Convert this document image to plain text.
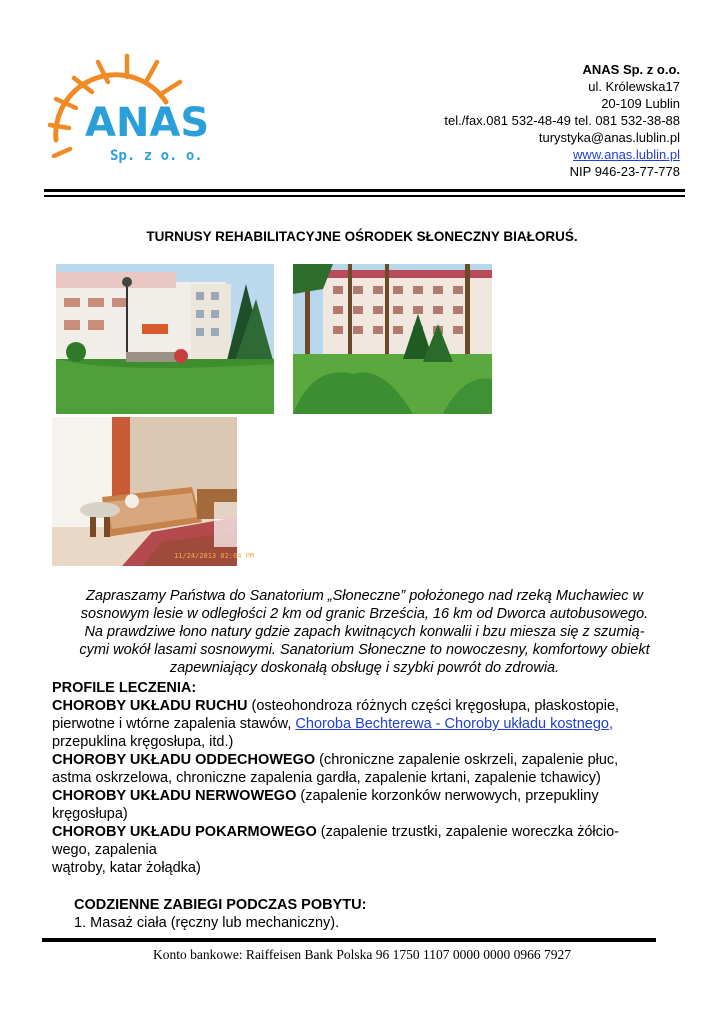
ANAS
Sp. z o. o.
ANAS Sp. z o.o.
ul. Królewska17
20-109 Lublin
tel./fax.081 532-48-49 tel. 081 532-38-88
turystyka@anas.lublin.pl
www.anas.lublin.pl
NIP 946-23-77-778
TURNUSY REHABILITACYJNE OŚRODEK SŁONECZNY BIAŁORUŚ.
11/24/2013 02:04 PM
Zapraszamy Państwa do Sanatorium „Słoneczne” położonego nad rzeką Muchawiec w
sosnowym lesie w odległości 2 km od granic Brześcia, 16 km od Dworca autobusowego.
Na prawdziwe łono natury gdzie zapach kwitnących konwalii i bzu miesza się z szumią-
cymi wokół lasami sosnowymi. Sanatorium Słoneczne to nowoczesny, komfortowy obiekt
zapewniający doskonałą obsługę i szybki powrót do zdrowia.
PROFILE LECZENIA:
CHOROBY UKŁADU RUCHU (osteohondroza różnych części kręgosłupa, płaskostopie,
pierwotne i wtórne zapalenia stawów, Choroba Bechterewa - Choroby układu kostnego,
przepuklina kręgosłupa, itd.)
CHOROBY UKŁADU ODDECHOWEGO (chroniczne zapalenie oskrzeli, zapalenie płuc,
astma oskrzelowa, chroniczne zapalenia gardła, zapalenie krtani, zapalenie tchawicy)
CHOROBY UKŁADU NERWOWEGO (zapalenie korzonków nerwowych, przepukliny
kręgosłupa)
CHOROBY UKŁADU POKARMOWEGO (zapalenie trzustki, zapalenie woreczka żółcio-
wego, zapalenia
wątroby, katar żołądka)
CODZIENNE ZABIEGI PODCZAS POBYTU:
1. Masaż ciała (ręczny lub mechaniczny).
Konto bankowe: Raiffeisen Bank Polska 96 1750 1107 0000 0000 0966 7927
